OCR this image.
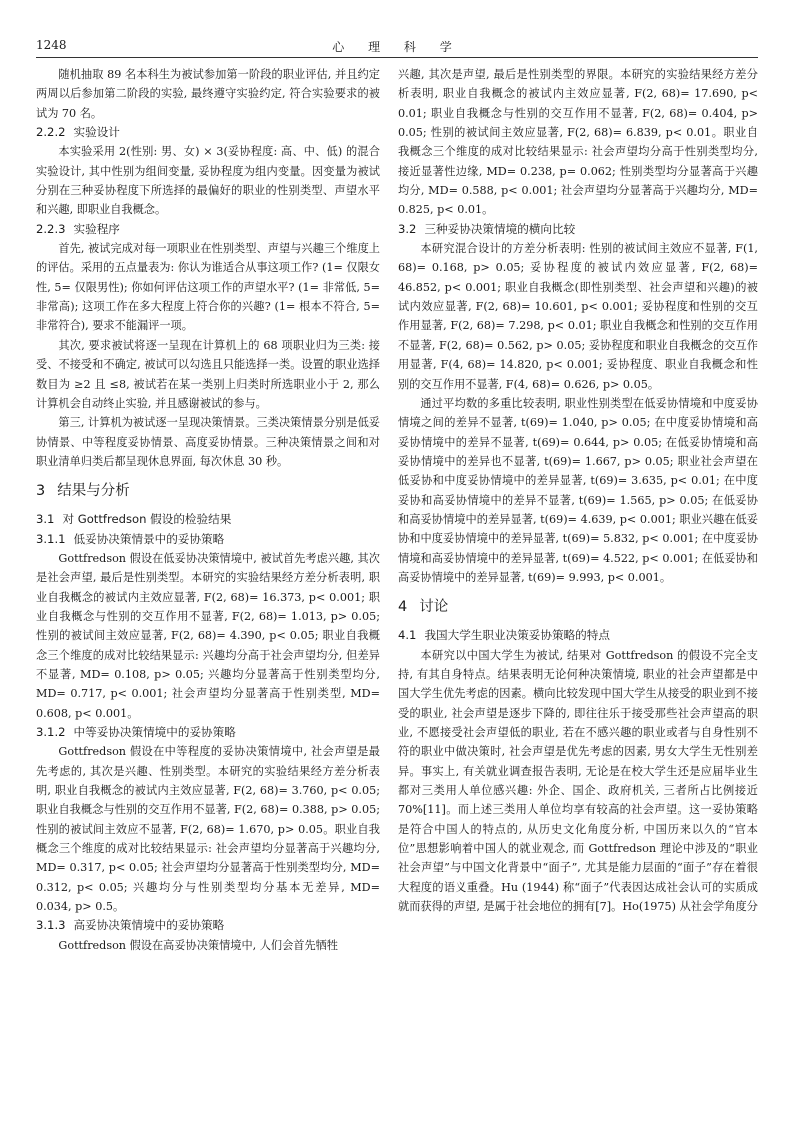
1248	心 理 科 学

随机抽取 89 名本科生为被试参加第一阶段的职业评估, 并且约定两周以后参加第二阶段的实验, 最终遵守实验约定, 符合实验要求的被试为 70 名。

2.2.2 实验设计

本实验采用 2(性别: 男、女) × 3(妥协程度: 高、中、低) 的混合实验设计, 其中性别为组间变量, 妥协程度为组内变量。因变量为被试分别在三种妥协程度下所选择的最偏好的职业的性别类型、声望水平和兴趣, 即职业自我概念。

2.2.3 实验程序

首先, 被试完成对每一项职业在性别类型、声望与兴趣三个维度上的评估。采用的五点量表为: 你认为谁适合从事这项工作? (1= 仅限女性, 5= 仅限男性); 你如何评估这项工作的声望水平? (1= 非常低, 5= 非常高); 这项工作在多大程度上符合你的兴趣? (1= 根本不符合, 5= 非常符合), 要求不能漏评一项。

其次, 要求被试将逐一呈现在计算机上的 68 项职业归为三类: 接受、不接受和不确定, 被试可以勾选且只能选择一类。设置的职业选择数目为 ≥2 且 ≤8, 被试若在某一类别上归类时所选职业小于 2, 那么计算机会自动终止实验, 并且感谢被试的参与。

第三, 计算机为被试逐一呈现决策情景。三类决策情景分别是低妥协情景、中等程度妥协情景、高度妥协情景。三种决策情景之间和对职业清单归类后都呈现休息界面, 每次休息 30 秒。

3 结果与分析
3.1 对 Gottfredson 假设的检验结果
3.1.1 低妥协决策情景中的妥协策略

Gottfredson 假设在低妥协决策情境中, 被试首先考虑兴趣, 其次是社会声望, 最后是性别类型。本研究的实验结果经方差分析表明, 职业自我概念的被试内主效应显著, F(2, 68)= 16.373, p< 0.001; 职业自我概念与性别的交互作用不显著, F(2, 68)= 1.013, p> 0.05; 性别的被试间主效应显著, F(2, 68)= 4.390, p< 0.05; 职业自我概念三个维度的成对比较结果显示: 兴趣均分高于社会声望均分, 但差异不显著, MD= 0.108, p> 0.05; 兴趣均分显著高于性别类型均分, MD= 0.717, p< 0.001; 社会声望均分显著高于性别类型, MD= 0.608, p< 0.001。

3.1.2 中等妥协决策情境中的妥协策略

Gottfredson 假设在中等程度的妥协决策情境中, 社会声望是最先考虑的, 其次是兴趣、性别类型。本研究的实验结果经方差分析表明, 职业自我概念的被试内主效应显著, F(2, 68)= 3.760, p< 0.05; 职业自我概念与性别的交互作用不显著, F(2, 68)= 0.388, p> 0.05; 性别的被试间主效应不显著, F(2, 68)= 1.670, p> 0.05。职业自我概念三个维度的成对比较结果显示: 社会声望均分显著高于兴趣均分, MD= 0.317, p< 0.05; 社会声望均分显著高于性别类型均分, MD= 0.312, p< 0.05; 兴趣均分与性别类型均分基本无差异, MD= 0.034, p> 0.5。

3.1.3 高妥协决策情境中的妥协策略

Gottfredson 假设在高妥协决策情境中, 人们会首先牺牲

兴趣, 其次是声望, 最后是性别类型的界限。本研究的实验结果经方差分析表明, 职业自我概念的被试内主效应显著, F(2, 68)= 17.690, p< 0.01; 职业自我概念与性别的交互作用不显著, F(2, 68)= 0.404, p> 0.05; 性别的被试间主效应显著, F(2, 68)= 6.839, p< 0.01。职业自我概念三个维度的成对比较结果显示: 社会声望均分高于性别类型均分, 接近显著性边缘, MD= 0.238, p= 0.062; 性别类型均分显著高于兴趣均分, MD= 0.588, p< 0.001; 社会声望均分显著高于兴趣均分, MD= 0.825, p< 0.01。

3.2 三种妥协决策情境的横向比较

本研究混合设计的方差分析表明: 性别的被试间主效应不显著, F(1, 68)= 0.168, p> 0.05; 妥协程度的被试内效应显著, F(2, 68)= 46.852, p< 0.001; 职业自我概念(即性别类型、社会声望和兴趣)的被试内效应显著, F(2, 68)= 10.601, p< 0.001; 妥协程度和性别的交互作用显著, F(2, 68)= 7.298, p< 0.01; 职业自我概念和性别的交互作用不显著, F(2, 68)= 0.562, p> 0.05; 妥协程度和职业自我概念的交互作用显著, F(4, 68)= 14.820, p< 0.001; 妥协程度、职业自我概念和性别的交互作用不显著, F(4, 68)= 0.626, p> 0.05。

通过平均数的多重比较表明, 职业性别类型在低妥协情境和中度妥协情境之间的差异不显著, t(69)= 1.040, p> 0.05; 在中度妥协情境和高妥协情境中的差异不显著, t(69)= 0.644, p> 0.05; 在低妥协情境和高妥协情境中的差异也不显著, t(69)= 1.667, p> 0.05; 职业社会声望在低妥协和中度妥协情境中的差异显著, t(69)= 3.635, p< 0.01; 在中度妥协和高妥协情境中的差异不显著, t(69)= 1.565, p> 0.05; 在低妥协和高妥协情境中的差异显著, t(69)= 4.639, p< 0.001; 职业兴趣在低妥协和中度妥协情境中的差异显著, t(69)= 5.832, p< 0.001; 在中度妥协情境和高妥协情境中的差异显著, t(69)= 4.522, p< 0.001; 在低妥协和高妥协情境中的差异显著, t(69)= 9.993, p< 0.001。

4 讨论
4.1 我国大学生职业决策妥协策略的特点

本研究以中国大学生为被试, 结果对 Gottfredson 的假设不完全支持, 有其自身特点。结果表明无论何种决策情境, 职业的社会声望都是中国大学生优先考虑的因素。横向比较发现中国大学生从接受的职业到不接受的职业, 社会声望是逐步下降的, 即往往乐于接受那些社会声望高的职业, 不愿接受社会声望低的职业, 若在不感兴趣的职业或者与自身性别不符的职业中做决策时, 社会声望是优先考虑的因素, 男女大学生无性别差异。事实上, 有关就业调查报告表明, 无论是在校大学生还是应届毕业生都对三类用人单位感兴趣: 外企、国企、政府机关, 三者所占比例接近 70%[11]。而上述三类用人单位均享有较高的社会声望。这一妥协策略是符合中国人的特点的, 从历史文化角度分析, 中国历来以久的“官本位”思想影响着中国人的就业观念, 而 Gottfredson 理论中涉及的“职业社会声望”与中国文化背景中“面子”, 尤其是能力层面的“面子”存在着很大程度的语义重叠。Hu (1944) 称“面子”代表因达成社会认可的实质成就而获得的声望, 是属于社会地位的拥有[7]。Ho(1975) 从社会学角度分
